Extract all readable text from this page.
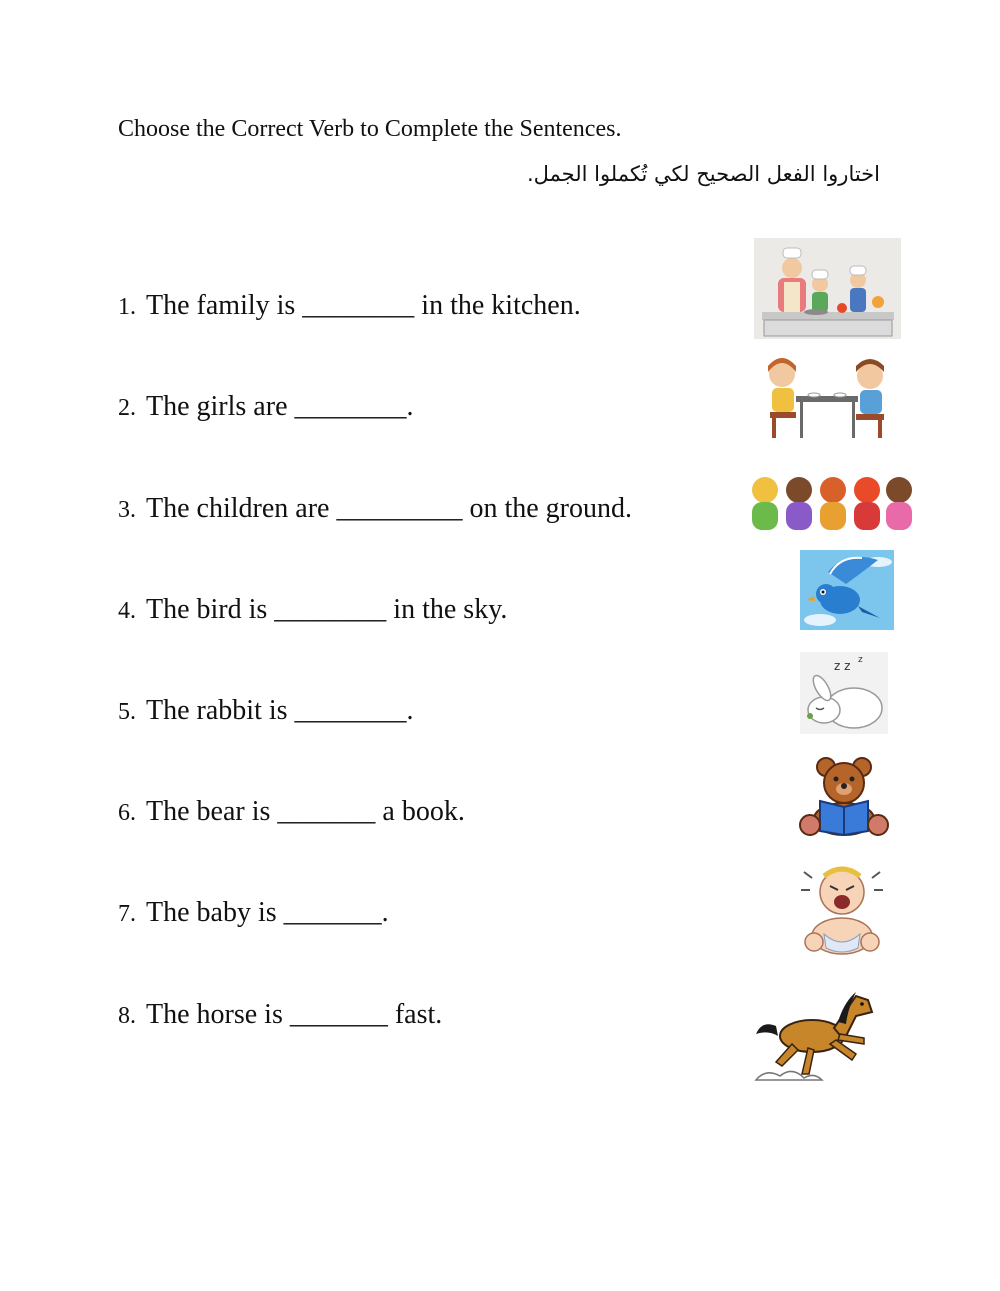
Choose the Correct Verb to Complete the Sentences.
اختاروا الفعل الصحيح لكي تُكملوا الجمل.
1. The family is ________ in the kitchen.
2. The girls are ________.
3. The children are _________ on the ground.
4. The bird is ________ in the sky.
5. The rabbit is ________.
6. The bear is _______ a book.
7. The baby is _______.
8. The horse is _______ fast.
z z z
